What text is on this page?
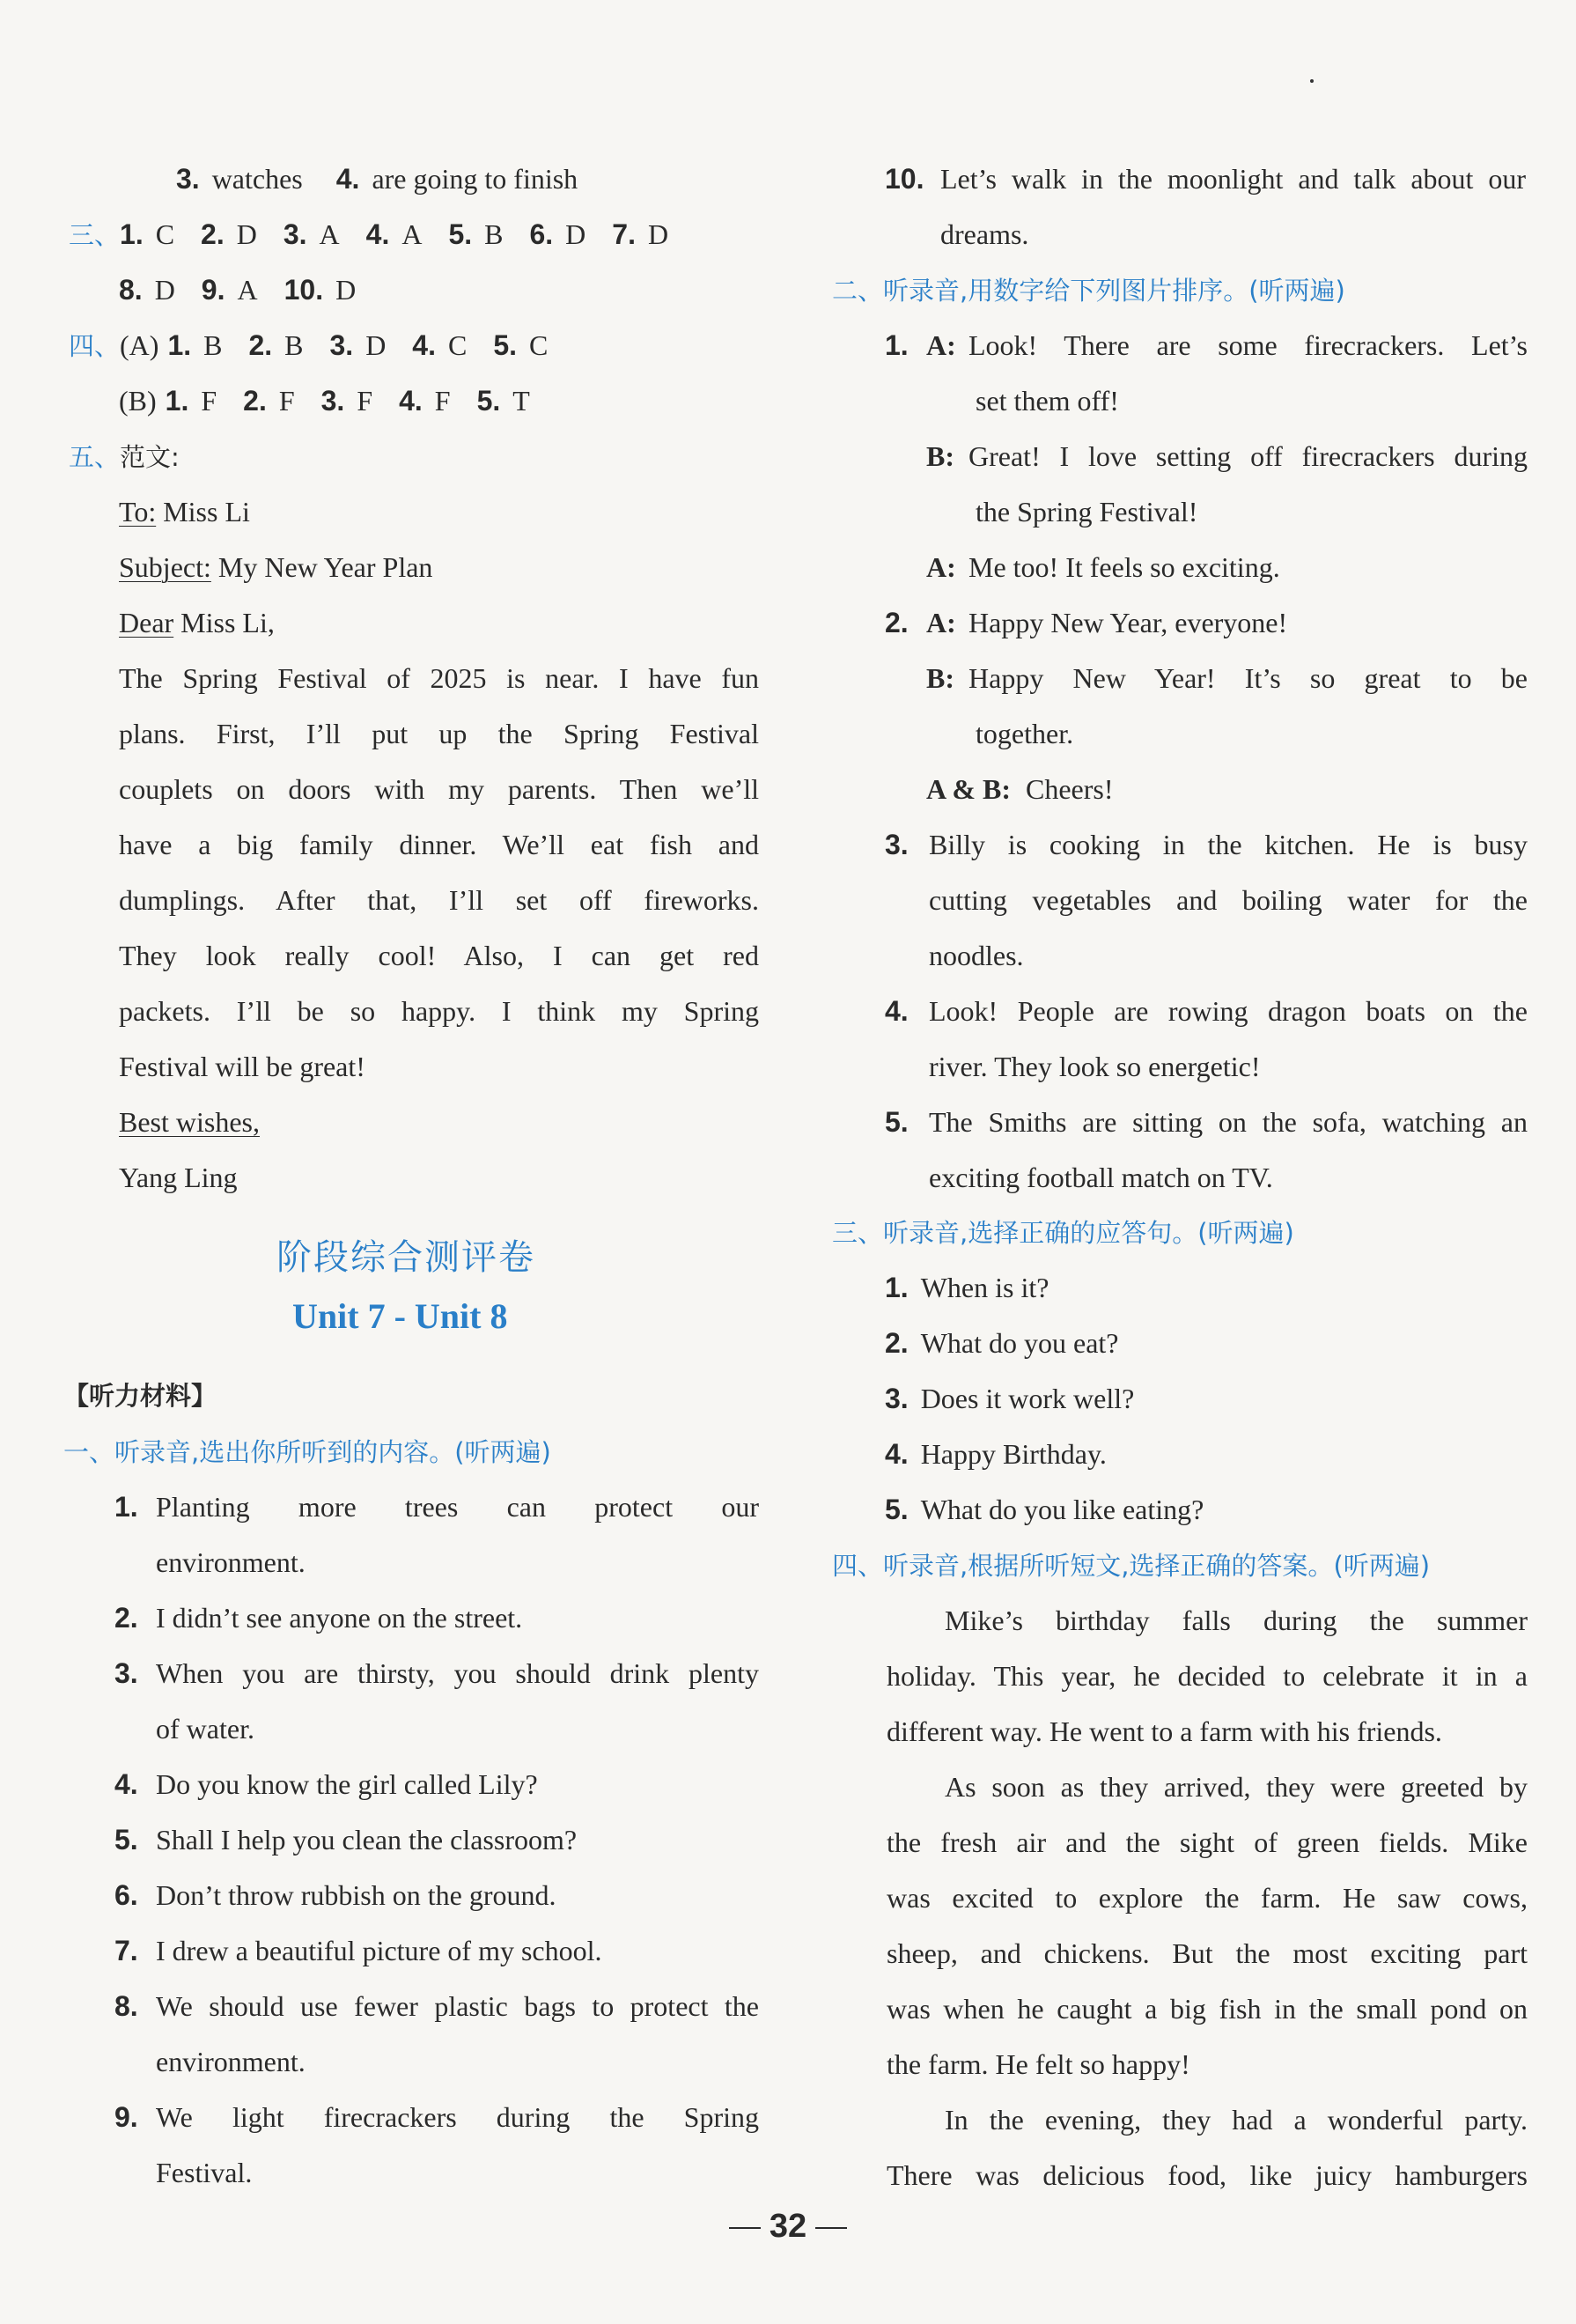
3. watches 4. are going to finish
三、1. C 2. D 3. A 4. A 5. B 6. D 7. D
8. D 9. A 10. D
四、(A) 1. B 2. B 3. D 4. C 5. C
(B) 1. F 2. F 3. F 4. F 5. T
五、范文:
To: Miss Li
Subject: My New Year Plan
Dear Miss Li,
The Spring Festival of 2025 is near. I have fun
plans. First, I’ll put up the Spring Festival
couplets on doors with my parents. Then we’ll
have a big family dinner. We’ll eat fish and
dumplings. After that, I’ll set off fireworks.
They look really cool! Also, I can get red
packets. I’ll be so happy. I think my Spring
Festival will be great!
Best wishes,
Yang Ling
阶段综合测评卷
Unit 7 - Unit 8
【听力材料】
一、听录音,选出你所听到的内容。(听两遍)
1. Planting more trees can protect our
environment.
2. I didn’t see anyone on the street.
3. When you are thirsty, you should drink plenty
of water.
4. Do you know the girl called Lily?
5. Shall I help you clean the classroom?
6. Don’t throw rubbish on the ground.
7. I drew a beautiful picture of my school.
8. We should use fewer plastic bags to protect the
environment.
9. We light firecrackers during the Spring
Festival.
10. Let’s walk in the moonlight and talk about our
dreams.
二、听录音,用数字给下列图片排序。(听两遍)
1. A: Look! There are some firecrackers. Let’s
set them off!
B: Great! I love setting off firecrackers during
the Spring Festival!
A: Me too! It feels so exciting.
2. A: Happy New Year, everyone!
B: Happy New Year! It’s so great to be
together.
A & B: Cheers!
3. Billy is cooking in the kitchen. He is busy
cutting vegetables and boiling water for the
noodles.
4. Look! People are rowing dragon boats on the
river. They look so energetic!
5. The Smiths are sitting on the sofa, watching an
exciting football match on TV.
三、听录音,选择正确的应答句。(听两遍)
1. When is it?
2. What do you eat?
3. Does it work well?
4. Happy Birthday.
5. What do you like eating?
四、听录音,根据所听短文,选择正确的答案。(听两遍)
Mike’s birthday falls during the summer
holiday. This year, he decided to celebrate it in a
different way. He went to a farm with his friends.
As soon as they arrived, they were greeted by
the fresh air and the sight of green fields. Mike
was excited to explore the farm. He saw cows,
sheep, and chickens. But the most exciting part
was when he caught a big fish in the small pond on
the farm. He felt so happy!
In the evening, they had a wonderful party.
There was delicious food, like juicy hamburgers
32
